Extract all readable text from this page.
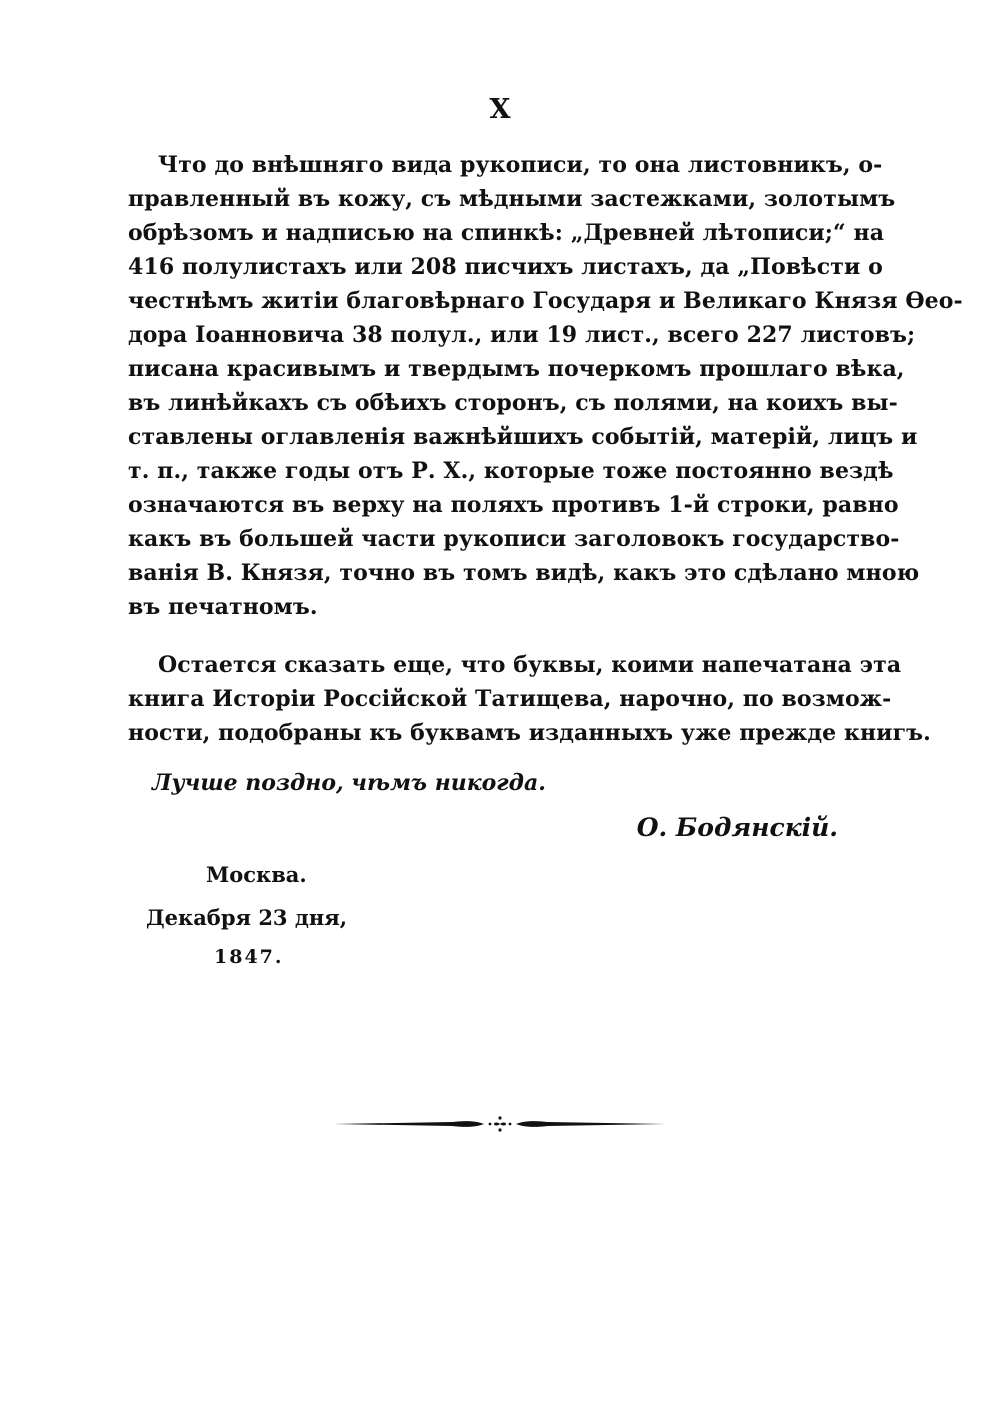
X
Что до внѣшняго вида рукописи, то она листовникъ, о-
правленный въ кожу, съ мѣдными застежками, золотымъ
обрѣзомъ и надписью на спинкѣ: „Древней лѣтописи;“ на
416 полулистахъ или 208 писчихъ листахъ, да „Повѣсти о
честнѣмъ житіи благовѣрнаго Государя и Великаго Князя Ѳео-
дора Іоанновича 38 полул., или 19 лист., всего 227 листовъ;
писана красивымъ и твердымъ почеркомъ прошлаго вѣка,
въ линѣйкахъ съ обѣихъ сторонъ, съ полями, на коихъ вы-
ставлены оглавленія важнѣйшихъ событій, матерій, лицъ и
т. п., также годы отъ Р. Х., которые тоже постоянно вездѣ
означаются въ верху на поляхъ противъ 1-й строки, равно
какъ въ большей части рукописи заголовокъ государство-
ванія В. Князя, точно въ томъ видѣ, какъ это сдѣлано мною
въ печатномъ.
Остается сказать еще, что буквы, коими напечатана эта
книга Исторіи Россійской Татищева, нарочно, по возмож-
ности, подобраны къ буквамъ изданныхъ уже прежде книгъ.
Лучше поздно, чѣмъ никогда.
О. Бодянскій.
Москва.
Декабря 23 дня,
1847.
